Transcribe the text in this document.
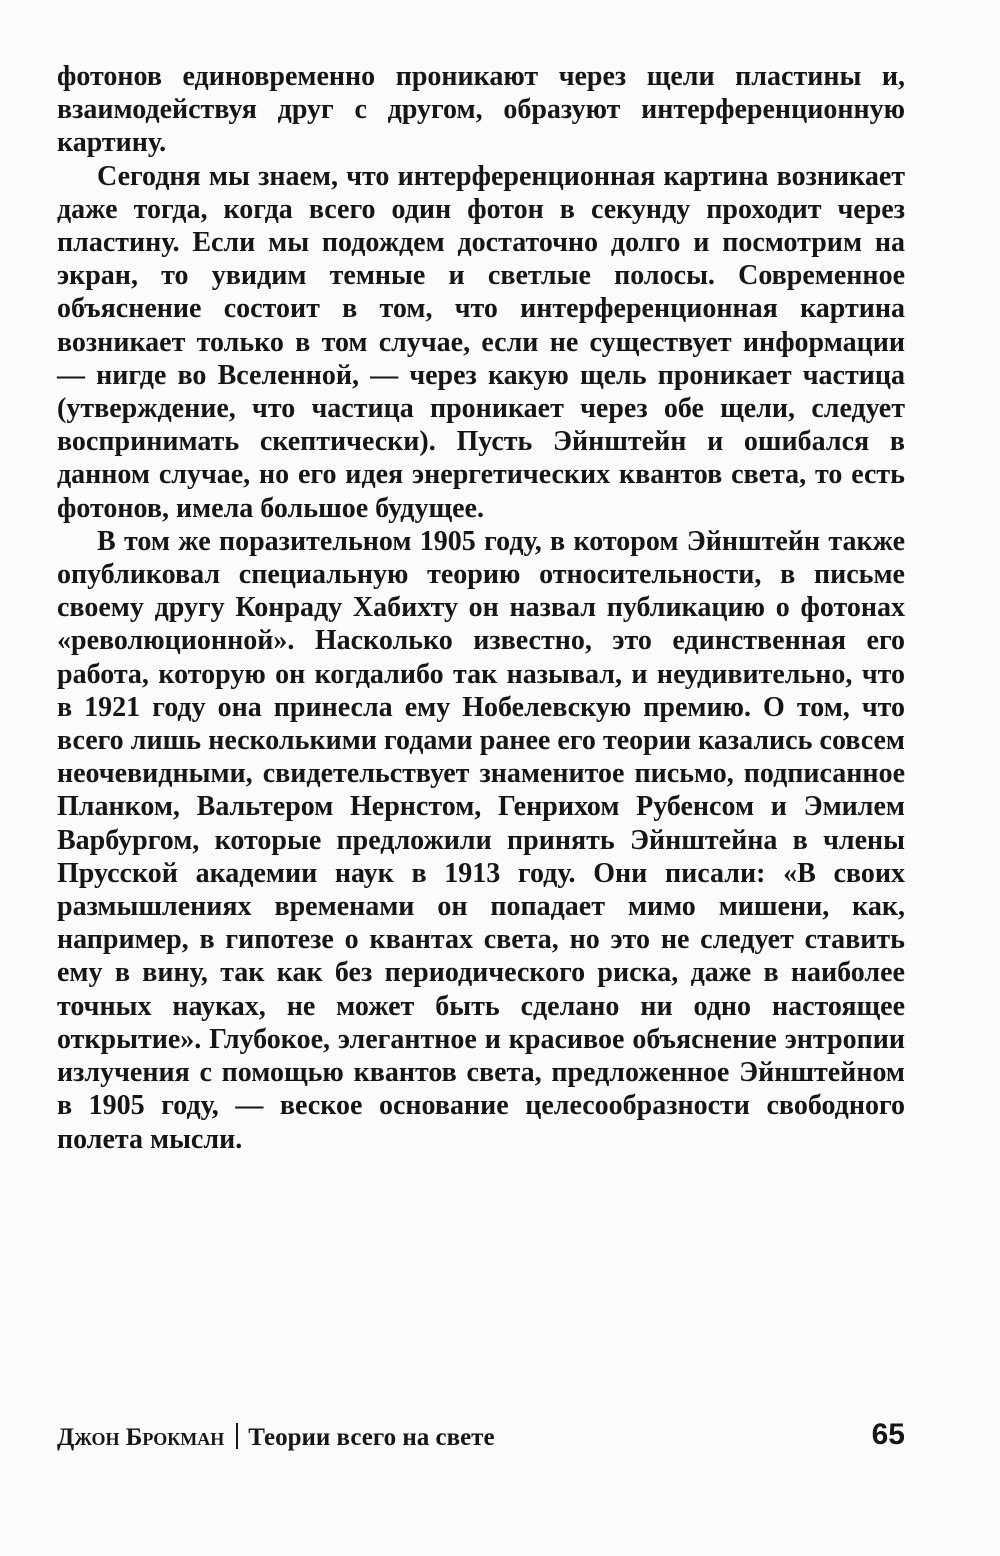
фотонов единовременно проникают через щели пластины и, взаимодействуя друг с другом, образуют интерференционную картину.

Сегодня мы знаем, что интерференционная картина возникает даже тогда, когда всего один фотон в секунду проходит через пластину. Если мы подождем достаточно долго и посмотрим на экран, то увидим темные и светлые полосы. Современное объяснение состоит в том, что интерференционная картина возникает только в том случае, если не существует информации — нигде во Вселенной, — через какую щель проникает частица (утверждение, что частица проникает через обе щели, следует воспринимать скептически). Пусть Эйнштейн и ошибался в данном случае, но его идея энергетических квантов света, то есть фотонов, имела большое будущее.

В том же поразительном 1905 году, в котором Эйнштейн также опубликовал специальную теорию относительности, в письме своему другу Конраду Хабихту он назвал публикацию о фотонах «революционной». Насколько известно, это единственная его работа, которую он когдалибо так называл, и неудивительно, что в 1921 году она принесла ему Нобелевскую премию. О том, что всего лишь несколькими годами ранее его теории казались совсем неочевидными, свидетельствует знаменитое письмо, подписанное Планком, Вальтером Нернстом, Генрихом Рубенсом и Эмилем Варбургом, которые предложили принять Эйнштейна в члены Прусской академии наук в 1913 году. Они писали: «В своих размышлениях временами он попадает мимо мишени, как, например, в гипотезе о квантах света, но это не следует ставить ему в вину, так как без периодического риска, даже в наиболее точных науках, не может быть сделано ни одно настоящее открытие». Глубокое, элегантное и красивое объяснение энтропии излучения с помощью квантов света, предложенное Эйнштейном в 1905 году, — веское основание целесообразности свободного полета мысли.

Джон Брокман Теории всего на свете	65
